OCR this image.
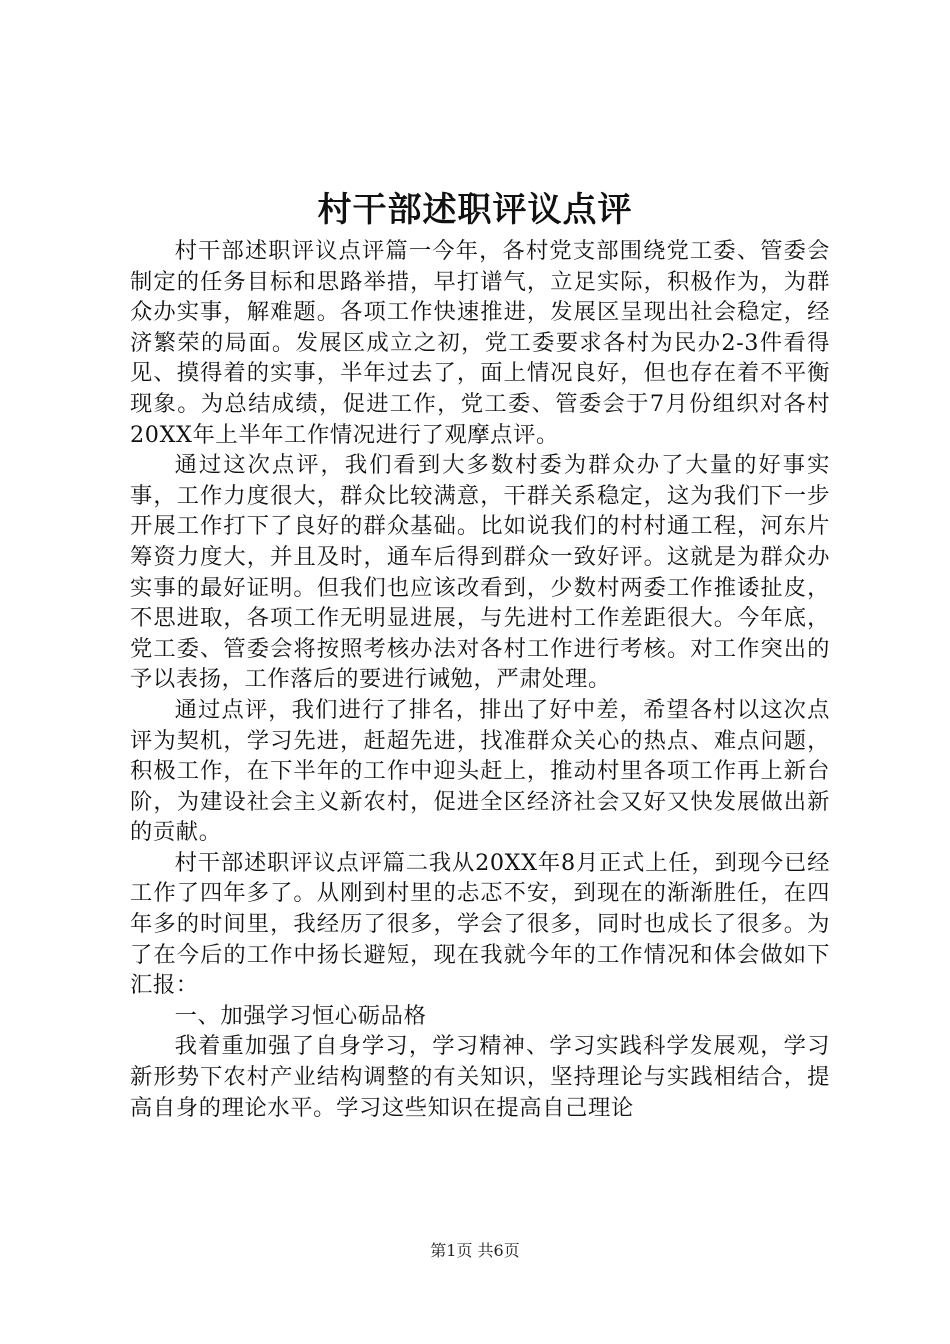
村干部述职评议点评

村干部述职评议点评篇一今年，各村党支部围绕党工委、管委会制定的任务目标和思路举措，早打谱气，立足实际，积极作为，为群众办实事，解难题。各项工作快速推进，发展区呈现出社会稳定，经济繁荣的局面。发展区成立之初，党工委要求各村为民办2-3件看得见、摸得着的实事，半年过去了，面上情况良好，但也存在着不平衡现象。为总结成绩，促进工作，党工委、管委会于7月份组织对各村20XX年上半年工作情况进行了观摩点评。

通过这次点评，我们看到大多数村委为群众办了大量的好事实事，工作力度很大，群众比较满意，干群关系稳定，这为我们下一步开展工作打下了良好的群众基础。比如说我们的村村通工程，河东片筹资力度大，并且及时，通车后得到群众一致好评。这就是为群众办实事的最好证明。但我们也应该改看到，少数村两委工作推诿扯皮，不思进取，各项工作无明显进展，与先进村工作差距很大。今年底，党工委、管委会将按照考核办法对各村工作进行考核。对工作突出的予以表扬，工作落后的要进行诫勉，严肃处理。

通过点评，我们进行了排名，排出了好中差，希望各村以这次点评为契机，学习先进，赶超先进，找准群众关心的热点、难点问题，积极工作，在下半年的工作中迎头赶上，推动村里各项工作再上新台阶，为建设社会主义新农村，促进全区经济社会又好又快发展做出新的贡献。

村干部述职评议点评篇二我从20XX年8月正式上任，到现今已经工作了四年多了。从刚到村里的忐忑不安，到现在的渐渐胜任，在四年多的时间里，我经历了很多，学会了很多，同时也成长了很多。为了在今后的工作中扬长避短，现在我就今年的工作情况和体会做如下汇报：

一、加强学习恒心砺品格

我着重加强了自身学习，学习精神、学习实践科学发展观，学习新形势下农村产业结构调整的有关知识，坚持理论与实践相结合，提高自身的理论水平。学习这些知识在提高自己理论

第1页 共6页
